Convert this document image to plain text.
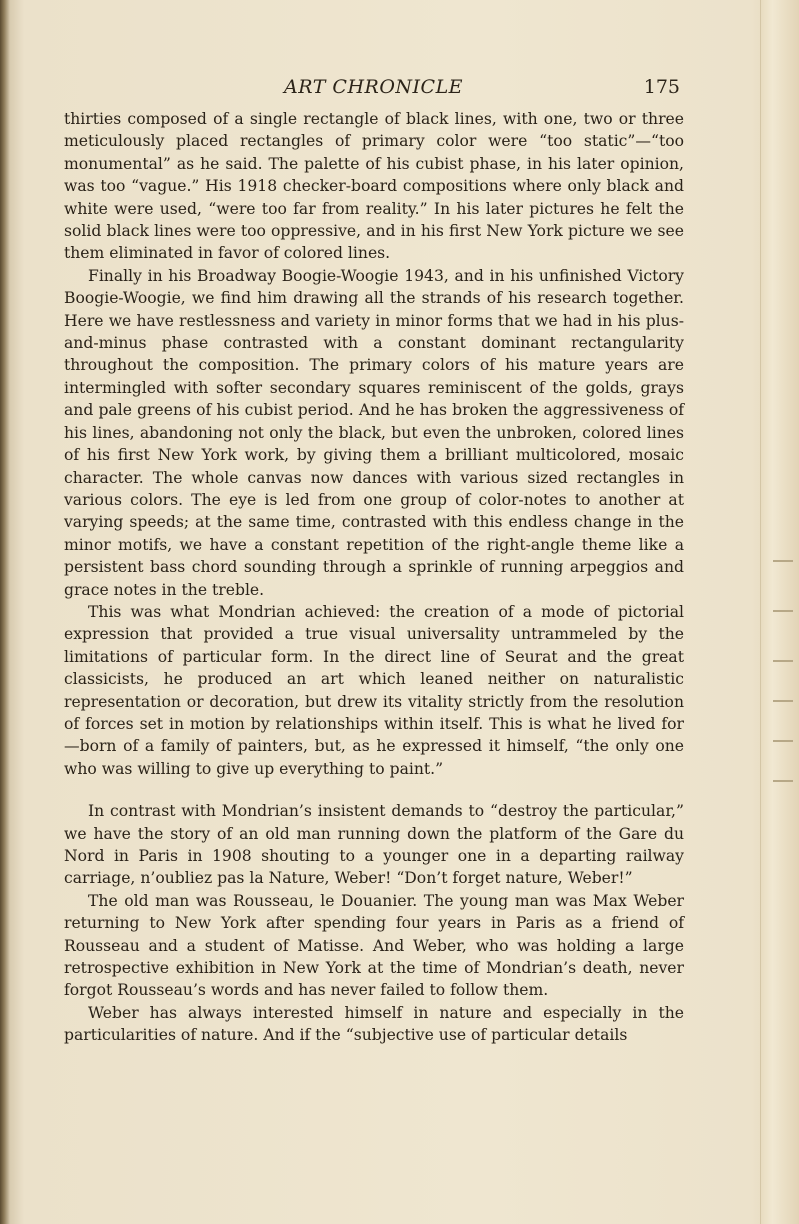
ART CHRONICLE	175

thirties composed of a single rectangle of black lines, with one, two or three meticulously placed rectangles of primary color were “too static”—“too monumental” as he said. The palette of his cubist phase, in his later opinion, was too “vague.” His 1918 checker-board compositions where only black and white were used, “were too far from reality.” In his later pictures he felt the solid black lines were too oppressive, and in his first New York picture we see them eliminated in favor of colored lines.

Finally in his Broadway Boogie-Woogie 1943, and in his unfinished Victory Boogie-Woogie, we find him drawing all the strands of his research together. Here we have restlessness and variety in minor forms that we had in his plus-and-minus phase contrasted with a constant dominant rectangularity throughout the composition. The primary colors of his mature years are intermingled with softer secondary squares reminiscent of the golds, grays and pale greens of his cubist period. And he has broken the aggressiveness of his lines, abandoning not only the black, but even the unbroken, colored lines of his first New York work, by giving them a brilliant multicolored, mosaic character. The whole canvas now dances with various sized rectangles in various colors. The eye is led from one group of color-notes to another at varying speeds; at the same time, contrasted with this endless change in the minor motifs, we have a constant repetition of the right-angle theme like a persistent bass chord sounding through a sprinkle of running arpeggios and grace notes in the treble.

This was what Mondrian achieved: the creation of a mode of pictorial expression that provided a true visual universality untrammeled by the limitations of particular form. In the direct line of Seurat and the great classicists, he produced an art which leaned neither on naturalistic representation or decoration, but drew its vitality strictly from the resolution of forces set in motion by relationships within itself. This is what he lived for—born of a family of painters, but, as he expressed it himself, “the only one who was willing to give up everything to paint.”

In contrast with Mondrian’s insistent demands to “destroy the particular,” we have the story of an old man running down the platform of the Gare du Nord in Paris in 1908 shouting to a younger one in a departing railway carriage, n’oubliez pas la Nature, Weber! “Don’t forget nature, Weber!”

The old man was Rousseau, le Douanier. The young man was Max Weber returning to New York after spending four years in Paris as a friend of Rousseau and a student of Matisse. And Weber, who was holding a large retrospective exhibition in New York at the time of Mondrian’s death, never forgot Rousseau’s words and has never failed to follow them.

Weber has always interested himself in nature and especially in the particularities of nature. And if the “subjective use of particular details
